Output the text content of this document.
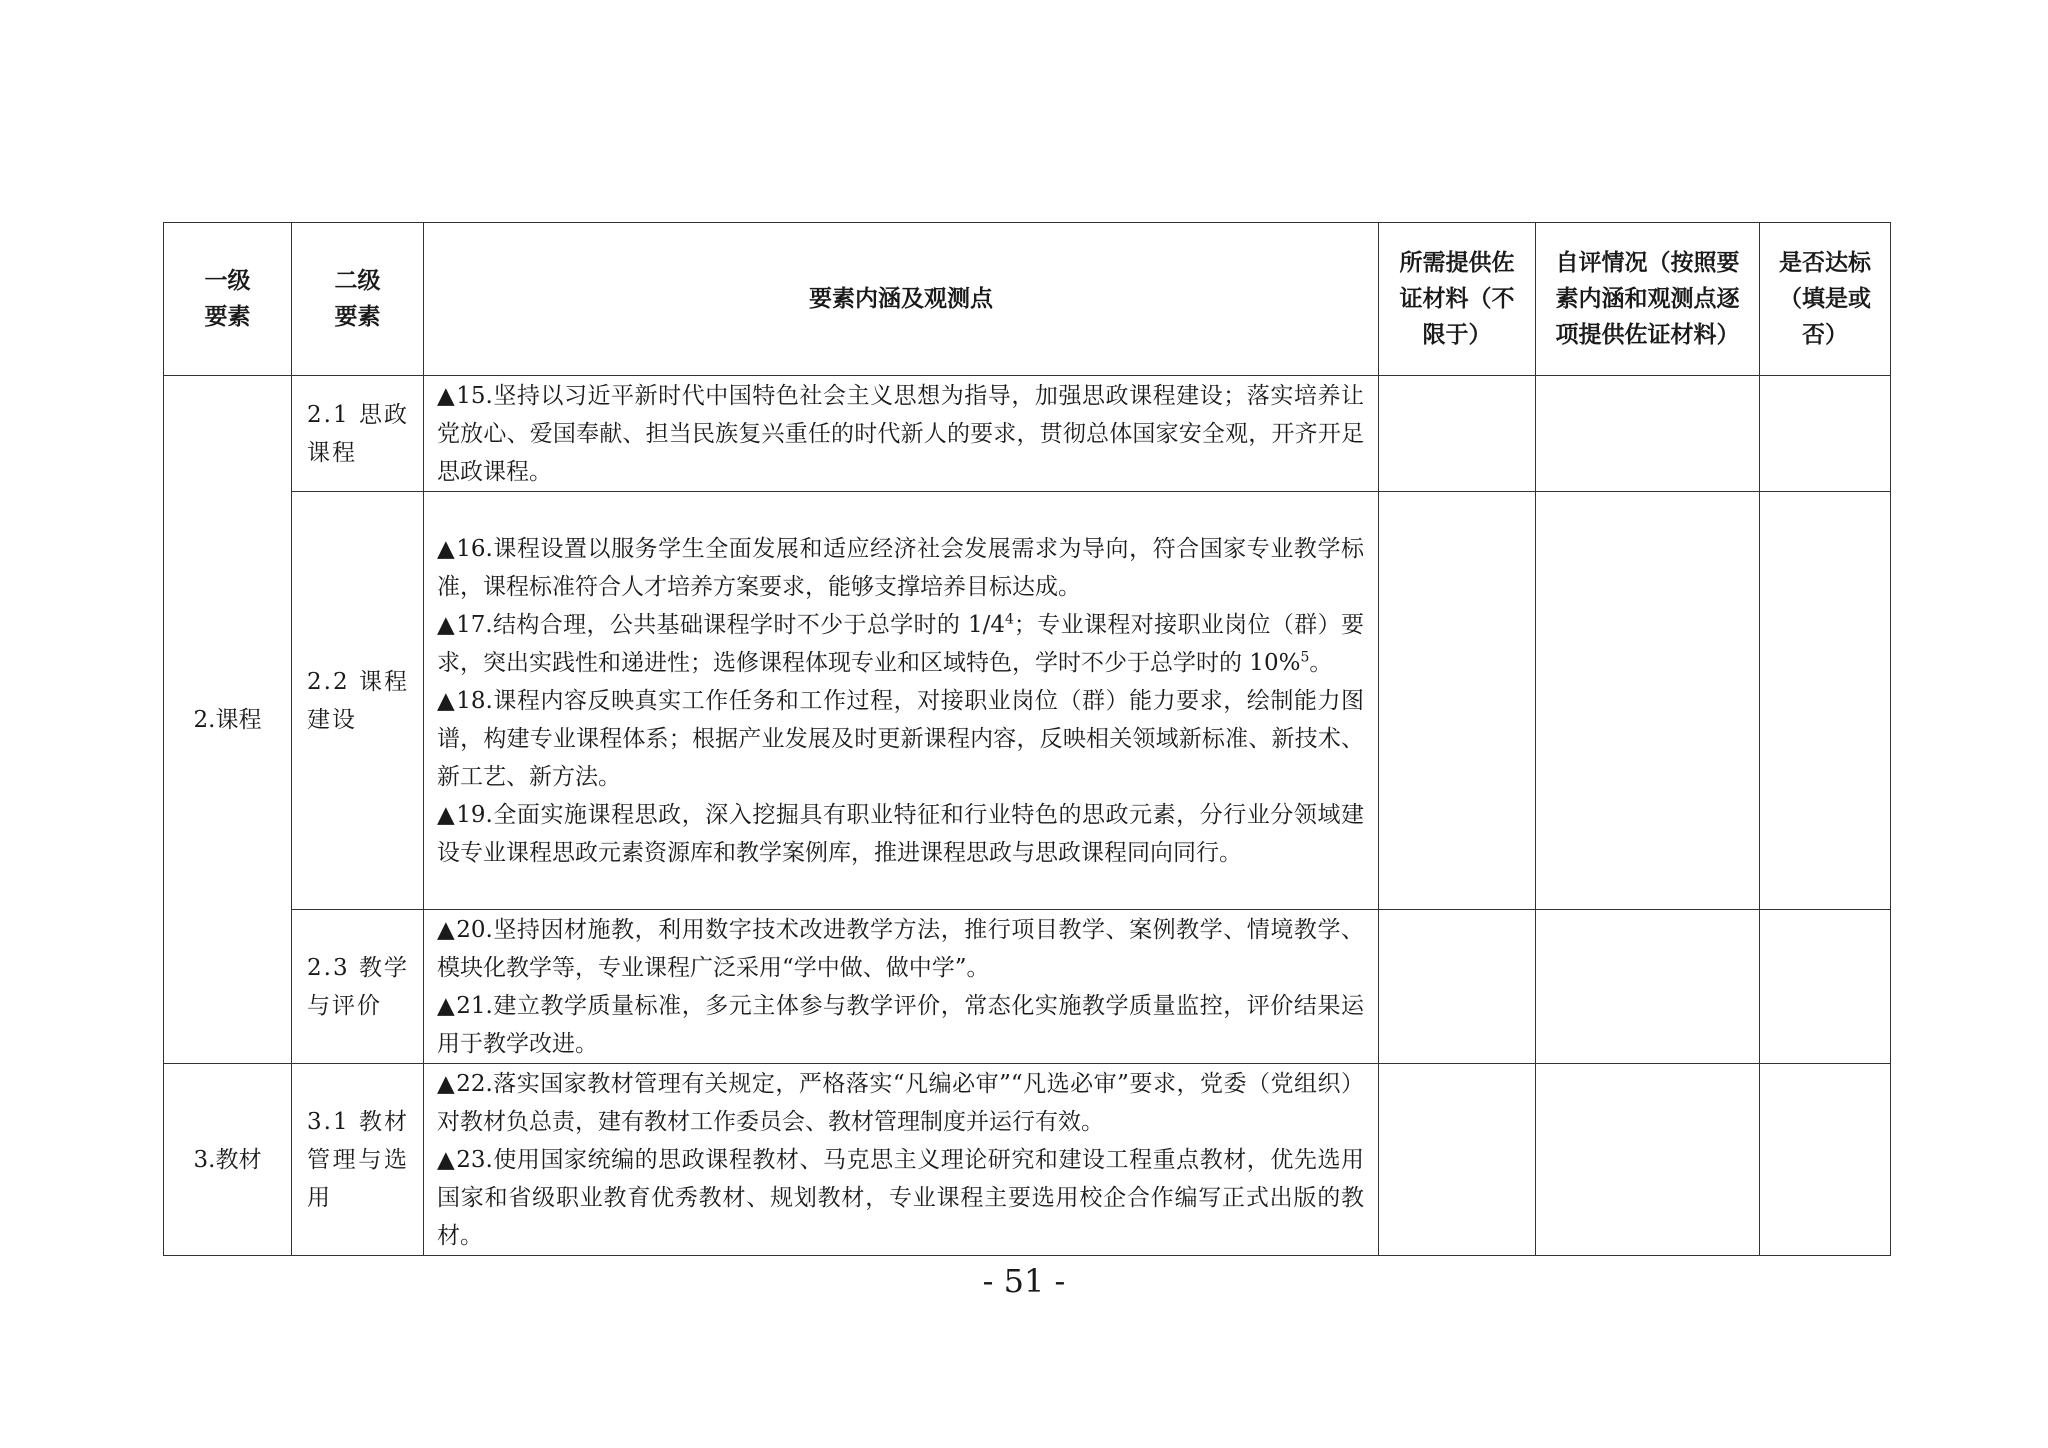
一级要素	二级要素	要素内涵及观测点	所需提供佐证材料（不限于）	自评情况（按照要素内涵和观测点逐项提供佐证材料）	是否达标（填是或否）
2.课程	2.1 思政课程	▲15.坚持以习近平新时代中国特色社会主义思想为指导，加强思政课程建设；落实培养让党放心、爱国奉献、担当民族复兴重任的时代新人的要求，贯彻总体国家安全观，开齐开足思政课程。			

	2.2 课程建设	▲16.课程设置以服务学生全面发展和适应经济社会发展需求为导向，符合国家专业教学标准，课程标准符合人才培养方案要求，能够支撑培养目标达成。

▲17.结构合理，公共基础课程学时不少于总学时的 $1/4^4$；专业课程对接职业岗位（群）要求，突出实践性和递进性；选修课程体现专业和区域特色，学时不少于总学时的 10%$^5$。

▲18.课程内容反映真实工作任务和工作过程，对接职业岗位（群）能力要求，绘制能力图谱，构建专业课程体系；根据产业发展及时更新课程内容，反映相关领域新标准、新技术、新工艺、新方法。

▲19.全面实施课程思政，深入挖掘具有职业特征和行业特色的思政元素，分行业分领域建设专业课程思政元素资源库和教学案例库，推进课程思政与思政课程同向同行。			

	2.3 教学与评价	▲20.坚持因材施教，利用数字技术改进教学方法，推行项目教学、案例教学、情境教学、模块化教学等，专业课程广泛采用“学中做、做中学”。

▲21.建立教学质量标准，多元主体参与教学评价，常态化实施教学质量监控，评价结果运用于教学改进。			

3.教材	3.1 教材管理与选用	▲22.落实国家教材管理有关规定，严格落实“凡编必审”“凡选必审”要求，党委（党组织）对教材负总责，建有教材工作委员会、教材管理制度并运行有效。

▲23.使用国家统编的思政课程教材、马克思主义理论研究和建设工程重点教材，优先选用国家和省级职业教育优秀教材、规划教材，专业课程主要选用校企合作编写正式出版的教材。			

- 51 -
